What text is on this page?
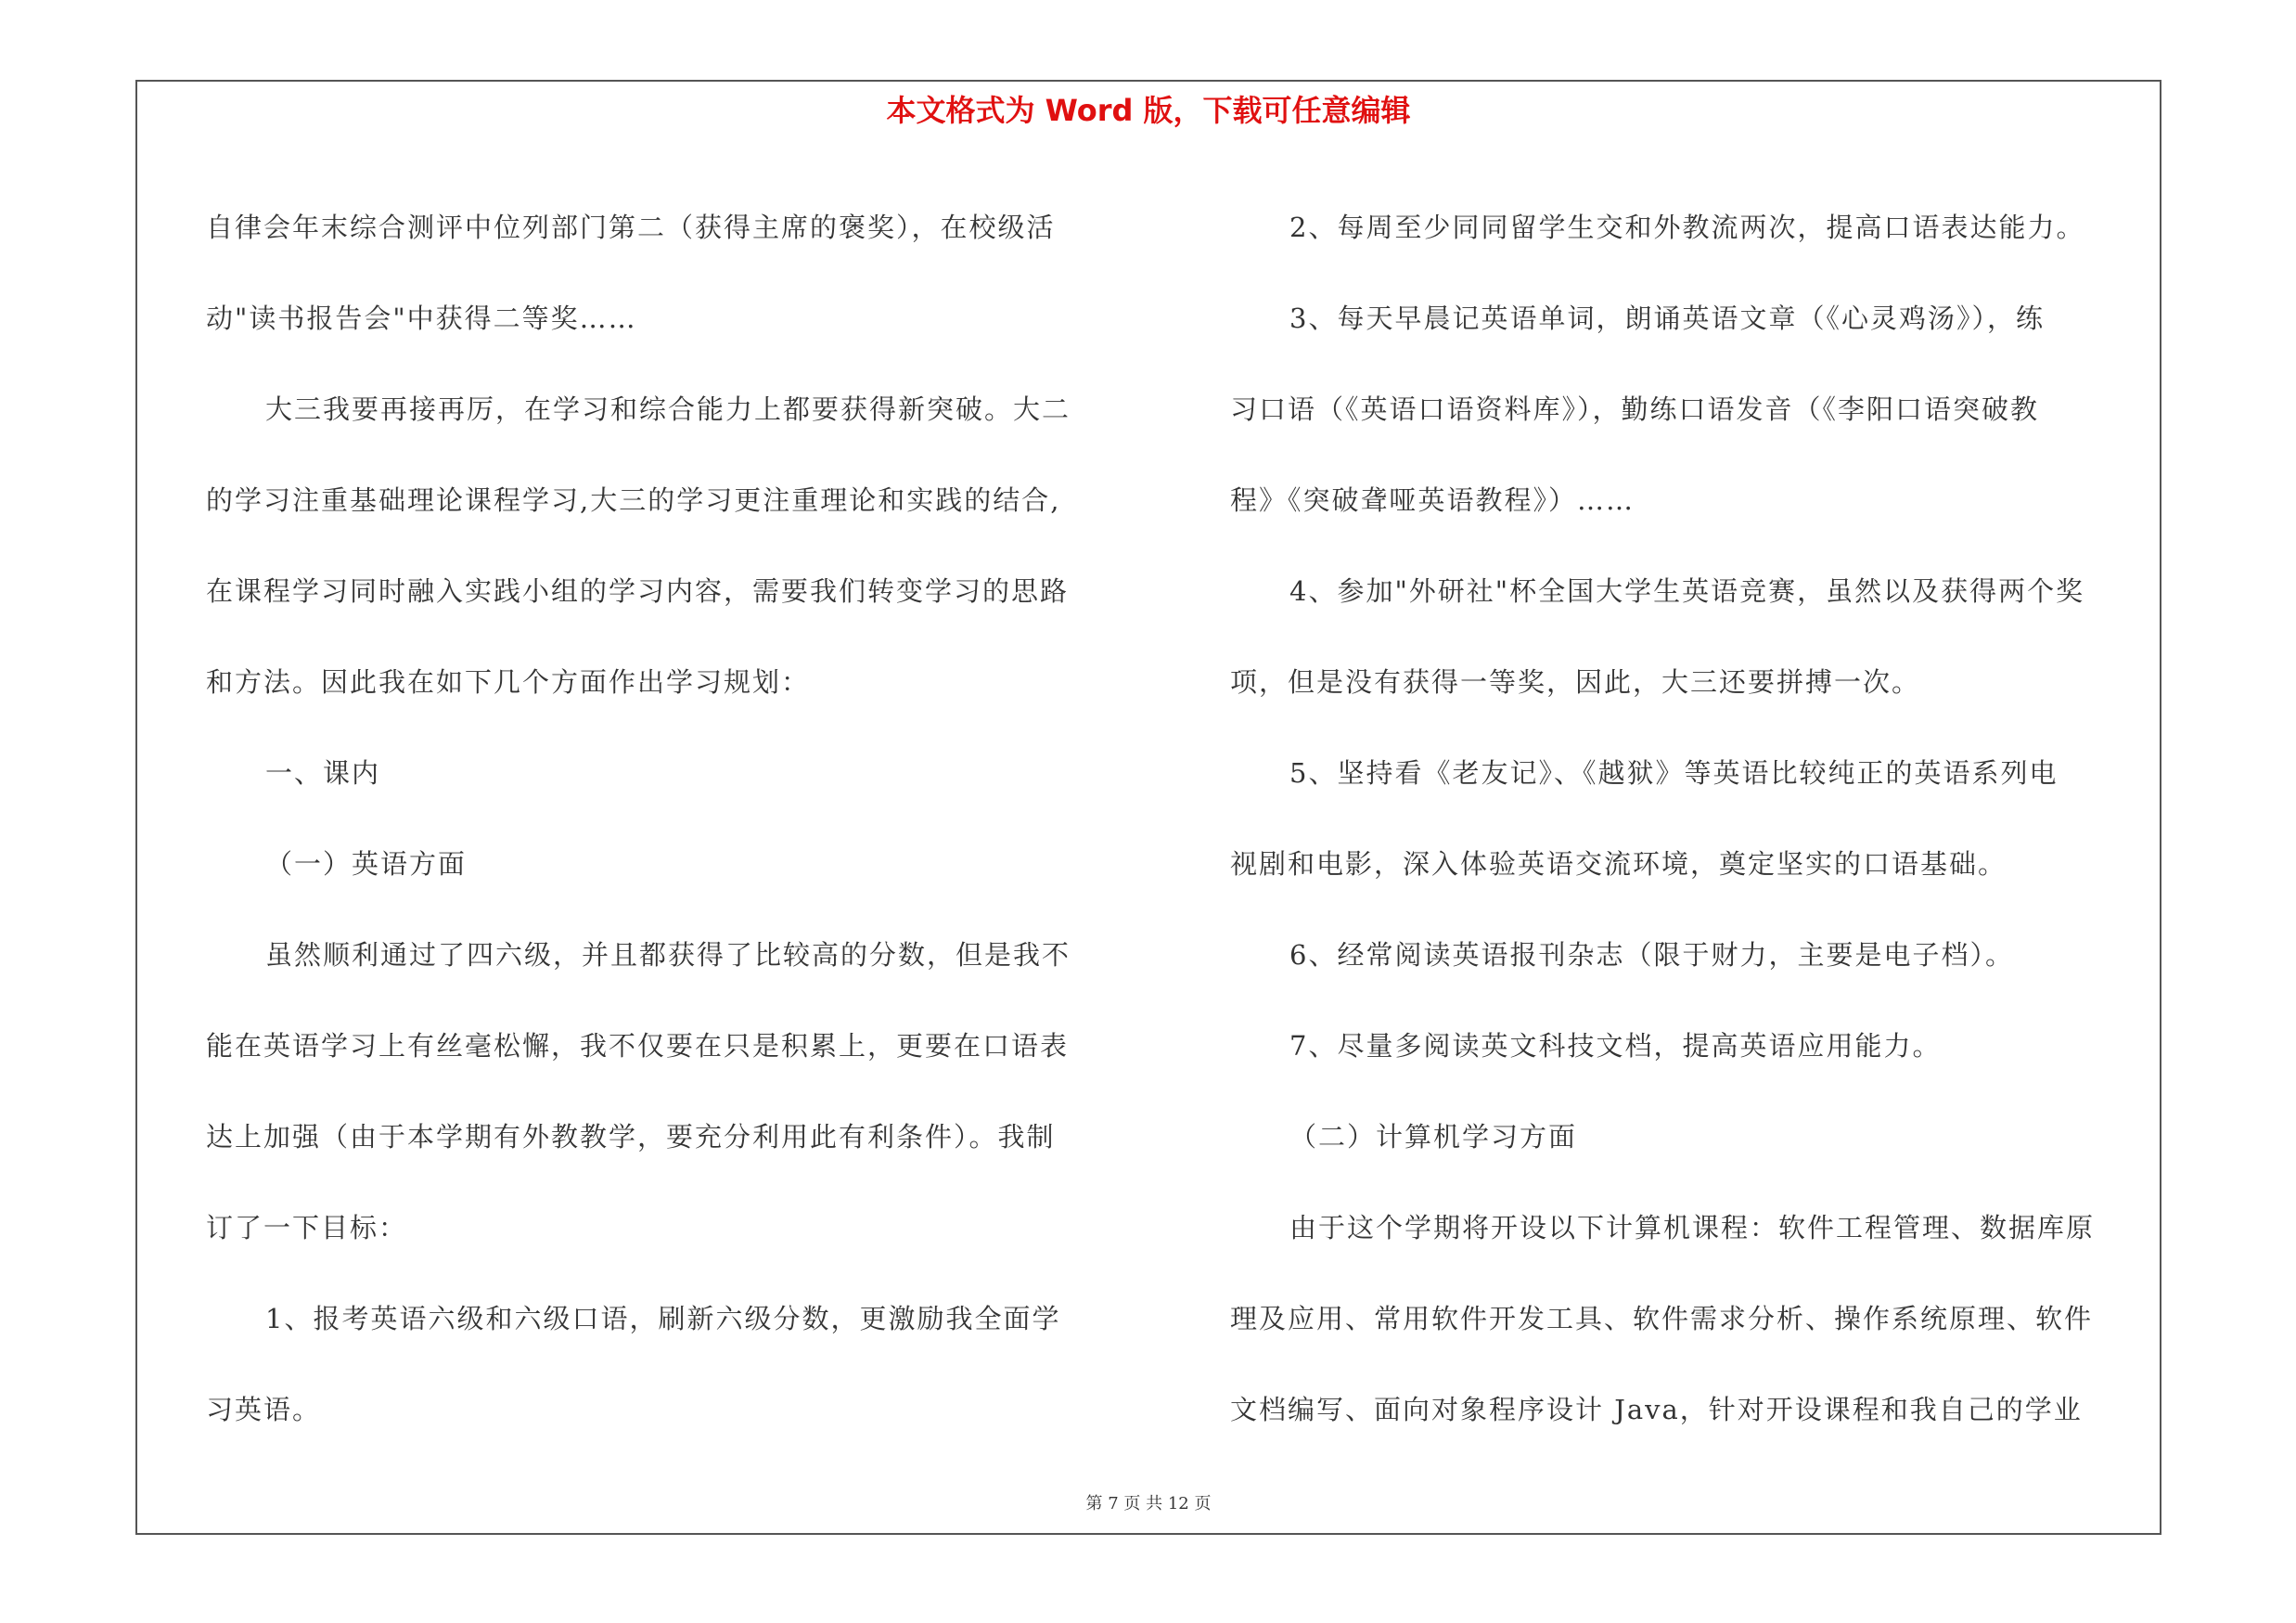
本文格式为 Word 版，下载可任意编辑
自律会年末综合测评中位列部门第二（获得主席的褒奖），在校级活
动"读书报告会"中获得二等奖……
大三我要再接再厉，在学习和综合能力上都要获得新突破。大二
的学习注重基础理论课程学习,大三的学习更注重理论和实践的结合,
在课程学习同时融入实践小组的学习内容，需要我们转变学习的思路
和方法。因此我在如下几个方面作出学习规划：
一、课内
（一）英语方面
虽然顺利通过了四六级，并且都获得了比较高的分数，但是我不
能在英语学习上有丝毫松懈，我不仅要在只是积累上，更要在口语表
达上加强（由于本学期有外教教学，要充分利用此有利条件）。我制
订了一下目标：
1、报考英语六级和六级口语，刷新六级分数，更激励我全面学
习英语。
2、每周至少同同留学生交和外教流两次，提高口语表达能力。
3、每天早晨记英语单词，朗诵英语文章（《心灵鸡汤》），练
习口语（《英语口语资料库》），勤练口语发音（《李阳口语突破教
程》《突破聋哑英语教程》）……
4、参加"外研社"杯全国大学生英语竞赛，虽然以及获得两个奖
项，但是没有获得一等奖，因此，大三还要拼搏一次。
5、坚持看《老友记》、《越狱》等英语比较纯正的英语系列电
视剧和电影，深入体验英语交流环境，奠定坚实的口语基础。
6、经常阅读英语报刊杂志（限于财力，主要是电子档）。
7、尽量多阅读英文科技文档，提高英语应用能力。
（二）计算机学习方面
由于这个学期将开设以下计算机课程：软件工程管理、数据库原
理及应用、常用软件开发工具、软件需求分析、操作系统原理、软件
文档编写、面向对象程序设计 Java，针对开设课程和我自己的学业
第 7 页 共 12 页
